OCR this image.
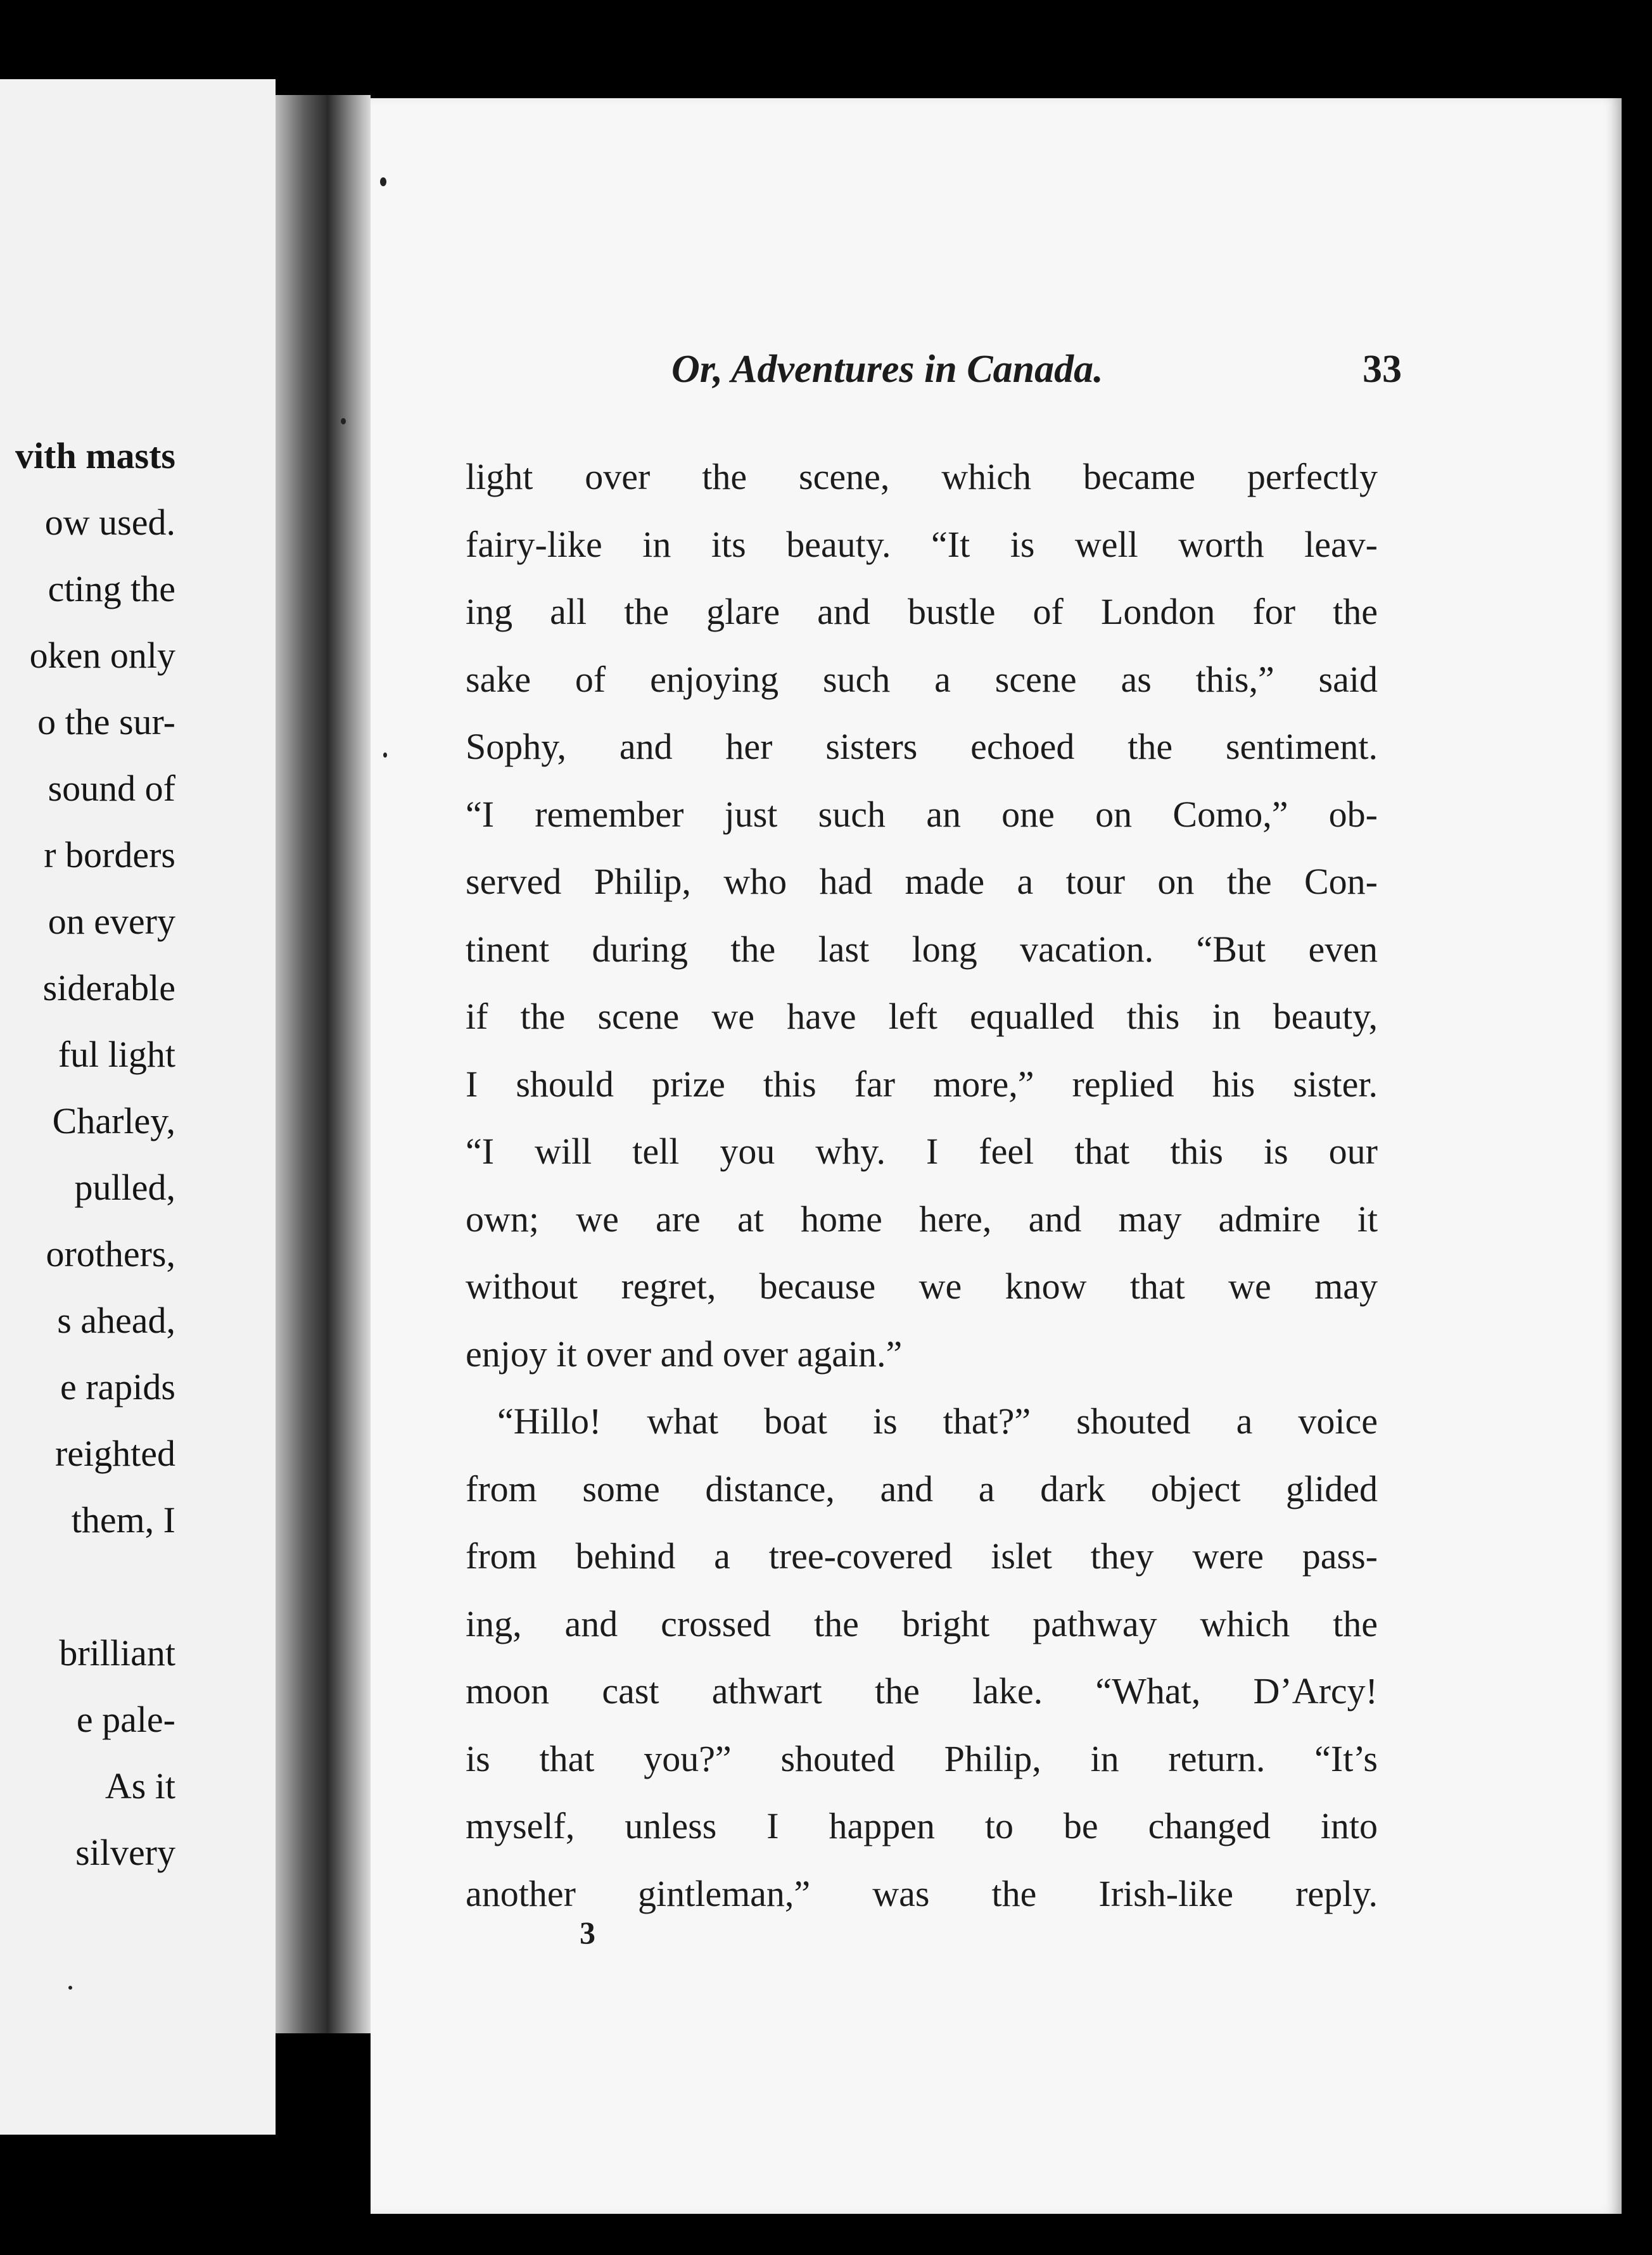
vith masts
ow used.
cting the
oken only
o the sur-
sound of
r borders
on every
siderable
ful light
Charley,
pulled,
orothers,
s ahead,
e rapids
reighted
them, I
brilliant
e pale-
As it
silvery
Or, Adventures in Canada.	33
light over the scene, which became perfectly
fairy-like in its beauty. “It is well worth leav-
ing all the glare and bustle of London for the
sake of enjoying such a scene as this,” said
Sophy, and her sisters echoed the sentiment.
“I remember just such an one on Como,” ob-
served Philip, who had made a tour on the Con-
tinent during the last long vacation. “But even
if the scene we have left equalled this in beauty,
I should prize this far more,” replied his sister.
“I will tell you why. I feel that this is our
own; we are at home here, and may admire it
without regret, because we know that we may
enjoy it over and over again.”
“Hillo! what boat is that?” shouted a voice
from some distance, and a dark object glided
from behind a tree-covered islet they were pass-
ing, and crossed the bright pathway which the
moon cast athwart the lake. “What, D’Arcy!
is that you?” shouted Philip, in return. “It’s
myself, unless I happen to be changed into
another gintleman,” was the Irish-like reply.
3
